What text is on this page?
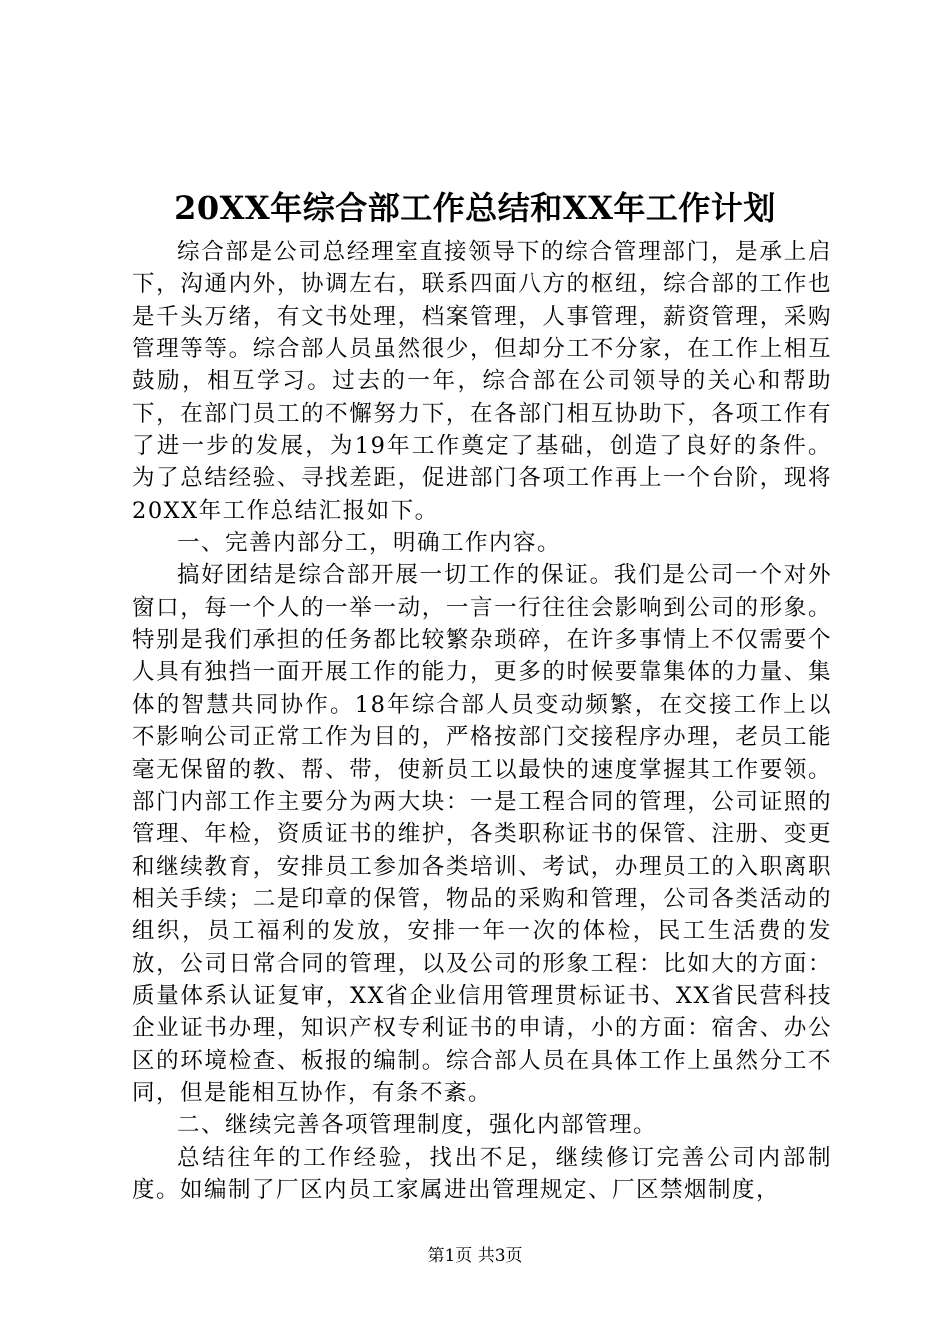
20XX年综合部工作总结和XX年工作计划

综合部是公司总经理室直接领导下的综合管理部门，是承上启下，沟通内外，协调左右，联系四面八方的枢纽，综合部的工作也是千头万绪，有文书处理，档案管理，人事管理，薪资管理，采购管理等等。综合部人员虽然很少，但却分工不分家，在工作上相互鼓励，相互学习。过去的一年，综合部在公司领导的关心和帮助下，在部门员工的不懈努力下，在各部门相互协助下，各项工作有了进一步的发展，为19年工作奠定了基础，创造了良好的条件。为了总结经验、寻找差距，促进部门各项工作再上一个台阶，现将20XX年工作总结汇报如下。

一、完善内部分工，明确工作内容。

搞好团结是综合部开展一切工作的保证。我们是公司一个对外窗口，每一个人的一举一动，一言一行往往会影响到公司的形象。特别是我们承担的任务都比较繁杂琐碎，在许多事情上不仅需要个人具有独挡一面开展工作的能力，更多的时候要靠集体的力量、集体的智慧共同协作。18年综合部人员变动频繁，在交接工作上以不影响公司正常工作为目的，严格按部门交接程序办理，老员工能毫无保留的教、帮、带，使新员工以最快的速度掌握其工作要领。部门内部工作主要分为两大块：一是工程合同的管理，公司证照的管理、年检，资质证书的维护，各类职称证书的保管、注册、变更和继续教育，安排员工参加各类培训、考试，办理员工的入职离职相关手续；二是印章的保管，物品的采购和管理，公司各类活动的组织，员工福利的发放，安排一年一次的体检，民工生活费的发放，公司日常合同的管理，以及公司的形象工程：比如大的方面：质量体系认证复审，XX省企业信用管理贯标证书、XX省民营科技企业证书办理，知识产权专利证书的申请，小的方面：宿舍、办公区的环境检查、板报的编制。综合部人员在具体工作上虽然分工不同，但是能相互协作，有条不紊。

二、继续完善各项管理制度，强化内部管理。

总结往年的工作经验，找出不足，继续修订完善公司内部制度。如编制了厂区内员工家属进出管理规定、厂区禁烟制度，

第1页 共3页
